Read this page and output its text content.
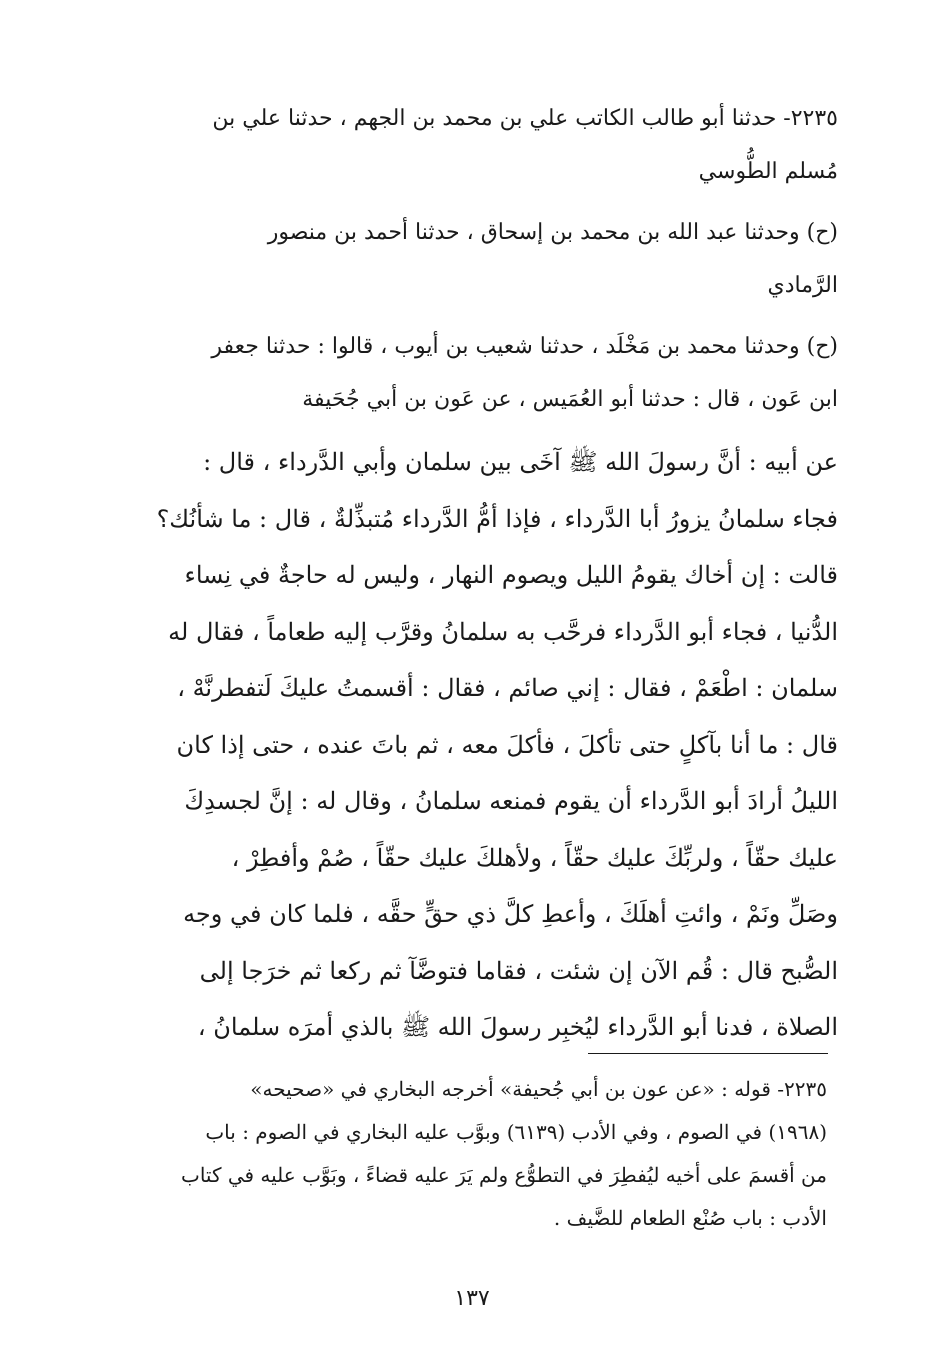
٢٢٣٥- حدثنا أبو طالب الكاتب علي بن محمد بن الجهم ، حدثنا علي بن
مُسلم الطُّوسي

(ح) وحدثنا عبد الله بن محمد بن إسحاق ، حدثنا أحمد بن منصور
الرَّمادي

(ح) وحدثنا محمد بن مَخْلَد ، حدثنا شعيب بن أيوب ، قالوا : حدثنا جعفر
ابن عَون ، قال : حدثنا أبو العُمَيس ، عن عَون بن أبي جُحَيفة

عن أبيه : أنَّ رسولَ الله ﷺ آخَى بين سلمان وأبي الدَّرداء ، قال :
فجاء سلمانُ يزورُ أبا الدَّرداء ، فإذا أمُّ الدَّرداء مُتبذِّلةٌ ، قال : ما شأنُك؟
قالت : إن أخاك يقومُ الليل ويصوم النهار ، وليس له حاجةٌ في نِساء
الدُّنيا ، فجاء أبو الدَّرداء فرحَّب به سلمانُ وقرَّب إليه طعاماً ، فقال له
سلمان : اطْعَمْ ، فقال : إني صائم ، فقال : أقسمتُ عليكَ لَتفطرنَّهْ ،
قال : ما أنا بآكلٍ حتى تأكلَ ، فأكلَ معه ، ثم باتَ عنده ، حتى إذا كان
الليلُ أرادَ أبو الدَّرداء أن يقوم فمنعه سلمانُ ، وقال له : إنَّ لجسدِكَ
عليك حقّاً ، ولربِّكَ عليك حقّاً ، ولأهلكَ عليك حقّاً ، صُمْ وأفطِرْ ،
وصَلِّ ونَمْ ، وائتِ أهلَكَ ، وأعطِ كلَّ ذي حقٍّ حقَّه ، فلما كان في وجه
الصُّبح قال : قُم الآن إن شئت ، فقاما فتوضَّآ ثم ركعا ثم خرَجا إلى
الصلاة ، فدنا أبو الدَّرداء ليُخبِر رسولَ الله ﷺ بالذي أمرَه سلمانُ ،

٢٢٣٥- قوله : «عن عون بن أبي جُحيفة» أخرجه البخاري في «صحيحه»
(١٩٦٨) في الصوم ، وفي الأدب (٦١٣٩) وبوَّب عليه البخاري في الصوم : باب
من أقسمَ على أخيه ليُفطِرَ في التطوُّع ولم يَرَ عليه قضاءً ، وبَوَّب عليه في كتاب
الأدب : باب صُنْع الطعام للضَّيف .
١٣٧
